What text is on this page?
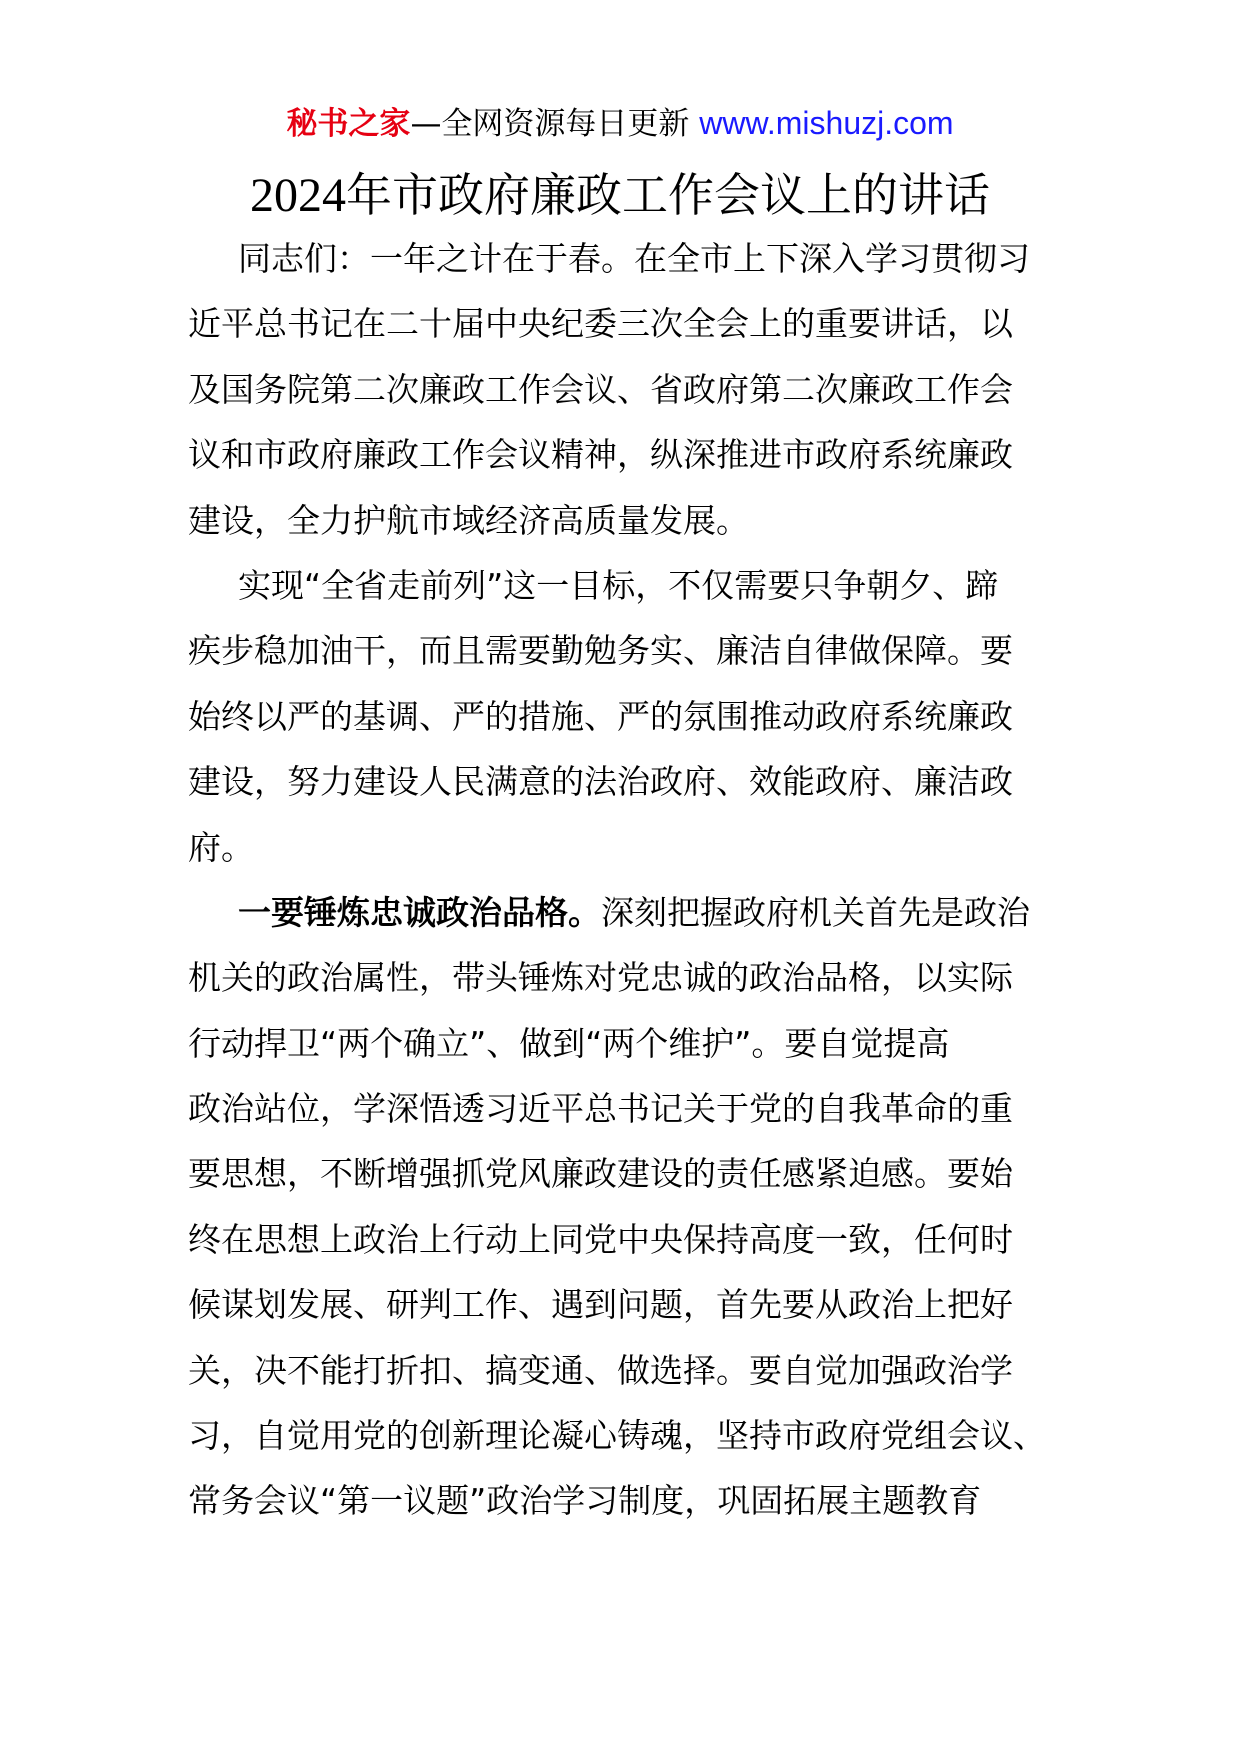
秘书之家—全网资源每日更新 www.mishuzj.com
2024年市政府廉政工作会议上的讲话
同志们：一年之计在于春。在全市上下深入学习贯彻习
近平总书记在二十届中央纪委三次全会上的重要讲话，以
及国务院第二次廉政工作会议、省政府第二次廉政工作会
议和市政府廉政工作会议精神，纵深推进市政府系统廉政
建设，全力护航市域经济高质量发展。
实现“全省走前列”这一目标，不仅需要只争朝夕、蹄
疾步稳加油干，而且需要勤勉务实、廉洁自律做保障。要
始终以严的基调、严的措施、严的氛围推动政府系统廉政
建设，努力建设人民满意的法治政府、效能政府、廉洁政
府。
一要锤炼忠诚政治品格。深刻把握政府机关首先是政治
机关的政治属性，带头锤炼对党忠诚的政治品格，以实际
行动捍卫“两个确立”、做到“两个维护”。要自觉提高
政治站位，学深悟透习近平总书记关于党的自我革命的重
要思想，不断增强抓党风廉政建设的责任感紧迫感。要始
终在思想上政治上行动上同党中央保持高度一致，任何时
候谋划发展、研判工作、遇到问题，首先要从政治上把好
关，决不能打折扣、搞变通、做选择。要自觉加强政治学
习，自觉用党的创新理论凝心铸魂，坚持市政府党组会议、
常务会议“第一议题”政治学习制度，巩固拓展主题教育
